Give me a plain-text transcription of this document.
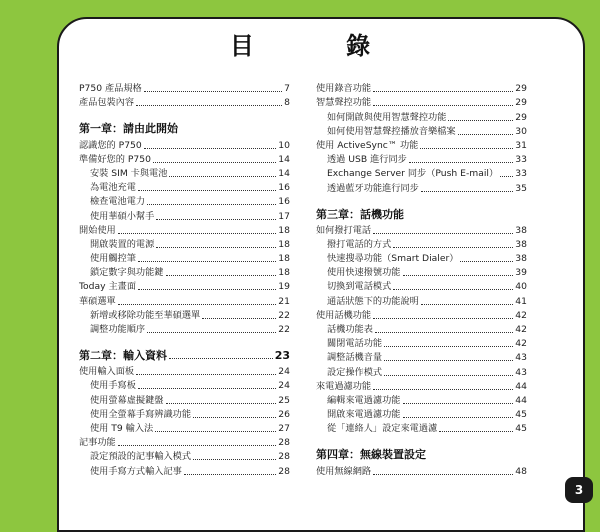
目 錄
P750 產品規格	7
產品包裝內容	8
第一章：請由此開始
認識您的 P750	10
準備好您的 P750	14
安裝 SIM 卡與電池	14
為電池充電	16
檢查電池電力	16
使用華碩小幫手	17
開始使用	18
開啟裝置的電源	18
使用觸控筆	18
鎖定數字與功能鍵	18
Today 主畫面	19
華碩選單	21
新增或移除功能至華碩選單	22
調整功能順序	22
第二章：輸入資料	23
使用輸入面板	24
使用手寫板	24
使用螢幕虛擬鍵盤	25
使用全螢幕手寫辨識功能	26
使用 T9 輸入法	27
記事功能	28
設定預設的記事輸入模式	28
使用手寫方式輸入記事	28
使用錄音功能	29
智慧聲控功能	29
如何開啟與使用智慧聲控功能	29
如何使用智慧聲控播放音樂檔案	30
使用 ActiveSync™ 功能	31
透過 USB 進行同步	33
Exchange Server 同步（Push E-mail） 33
透過藍牙功能進行同步	35
第三章：話機功能
如何撥打電話	38
撥打電話的方式	38
快速搜尋功能（Smart Dialer）	38
使用快速撥號功能	39
切換到電話模式	40
通話狀態下的功能說明	41
使用話機功能	42
話機功能表	42
關閉電話功能	42
調整話機音量	43
設定操作模式	43
來電過濾功能	44
編輯來電過濾功能	44
開啟來電過濾功能	45
從「連絡人」設定來電過濾	45
第四章：無線裝置設定
使用無線網路	48
3
